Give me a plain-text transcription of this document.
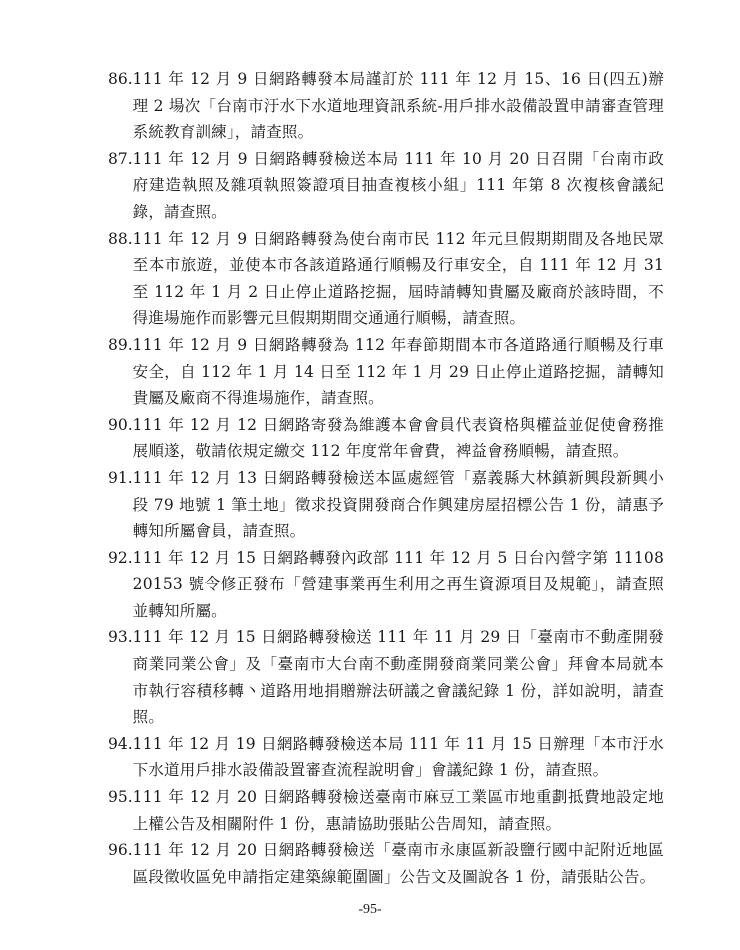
86. 111 年 12 月 9 日網路轉發本局謹訂於 111 年 12 月 15、16 日(四五)辦理 2 場次「台南市汙水下水道地理資訊系統-用戶排水設備設置申請審查管理系統教育訓練」，請查照。
87. 111 年 12 月 9 日網路轉發檢送本局 111 年 10 月 20 日召開「台南市政府建造執照及雜項執照簽證項目抽查複核小組」111 年第 8 次複核會議紀錄，請查照。
88. 111 年 12 月 9 日網路轉發為使台南市民 112 年元旦假期期間及各地民眾至本市旅遊，並使本市各該道路通行順暢及行車安全，自 111 年 12 月 31 至 112 年 1 月 2 日止停止道路挖掘，屆時請轉知貴屬及廠商於該時間，不得進場施作而影響元旦假期期間交通通行順暢，請查照。
89. 111 年 12 月 9 日網路轉發為 112 年春節期間本市各道路通行順暢及行車安全，自 112 年 1 月 14 日至 112 年 1 月 29 日止停止道路挖掘，請轉知貴屬及廠商不得進場施作，請查照。
90. 111 年 12 月 12 日網路寄發為維護本會會員代表資格與權益並促使會務推展順遂，敬請依規定繳交 112 年度常年會費，裨益會務順暢，請查照。
91. 111 年 12 月 13 日網路轉發檢送本區處經管「嘉義縣大林鎮新興段新興小段 79 地號 1 筆土地」徵求投資開發商合作興建房屋招標公告 1 份，請惠予轉知所屬會員，請查照。
92. 111 年 12 月 15 日網路轉發內政部 111 年 12 月 5 日台內營字第 1110820153 號令修正發布「營建事業再生利用之再生資源項目及規範」，請查照並轉知所屬。
93. 111 年 12 月 15 日網路轉發檢送 111 年 11 月 29 日「臺南市不動產開發商業同業公會」及「臺南市大台南不動產開發商業同業公會」拜會本局就本市執行容積移轉丶道路用地捐贈辦法研議之會議紀錄 1 份，詳如說明，請查照。
94. 111 年 12 月 19 日網路轉發檢送本局 111 年 11 月 15 日辦理「本市汙水下水道用戶排水設備設置審查流程說明會」會議紀錄 1 份，請查照。
95. 111 年 12 月 20 日網路轉發檢送臺南市麻豆工業區市地重劃抵費地設定地上權公告及相關附件 1 份，惠請協助張貼公告周知，請查照。
96. 111 年 12 月 20 日網路轉發檢送「臺南市永康區新設鹽行國中記附近地區區段徵收區免申請指定建築線範圍圖」公告文及圖說各 1 份，請張貼公告。
-95-
